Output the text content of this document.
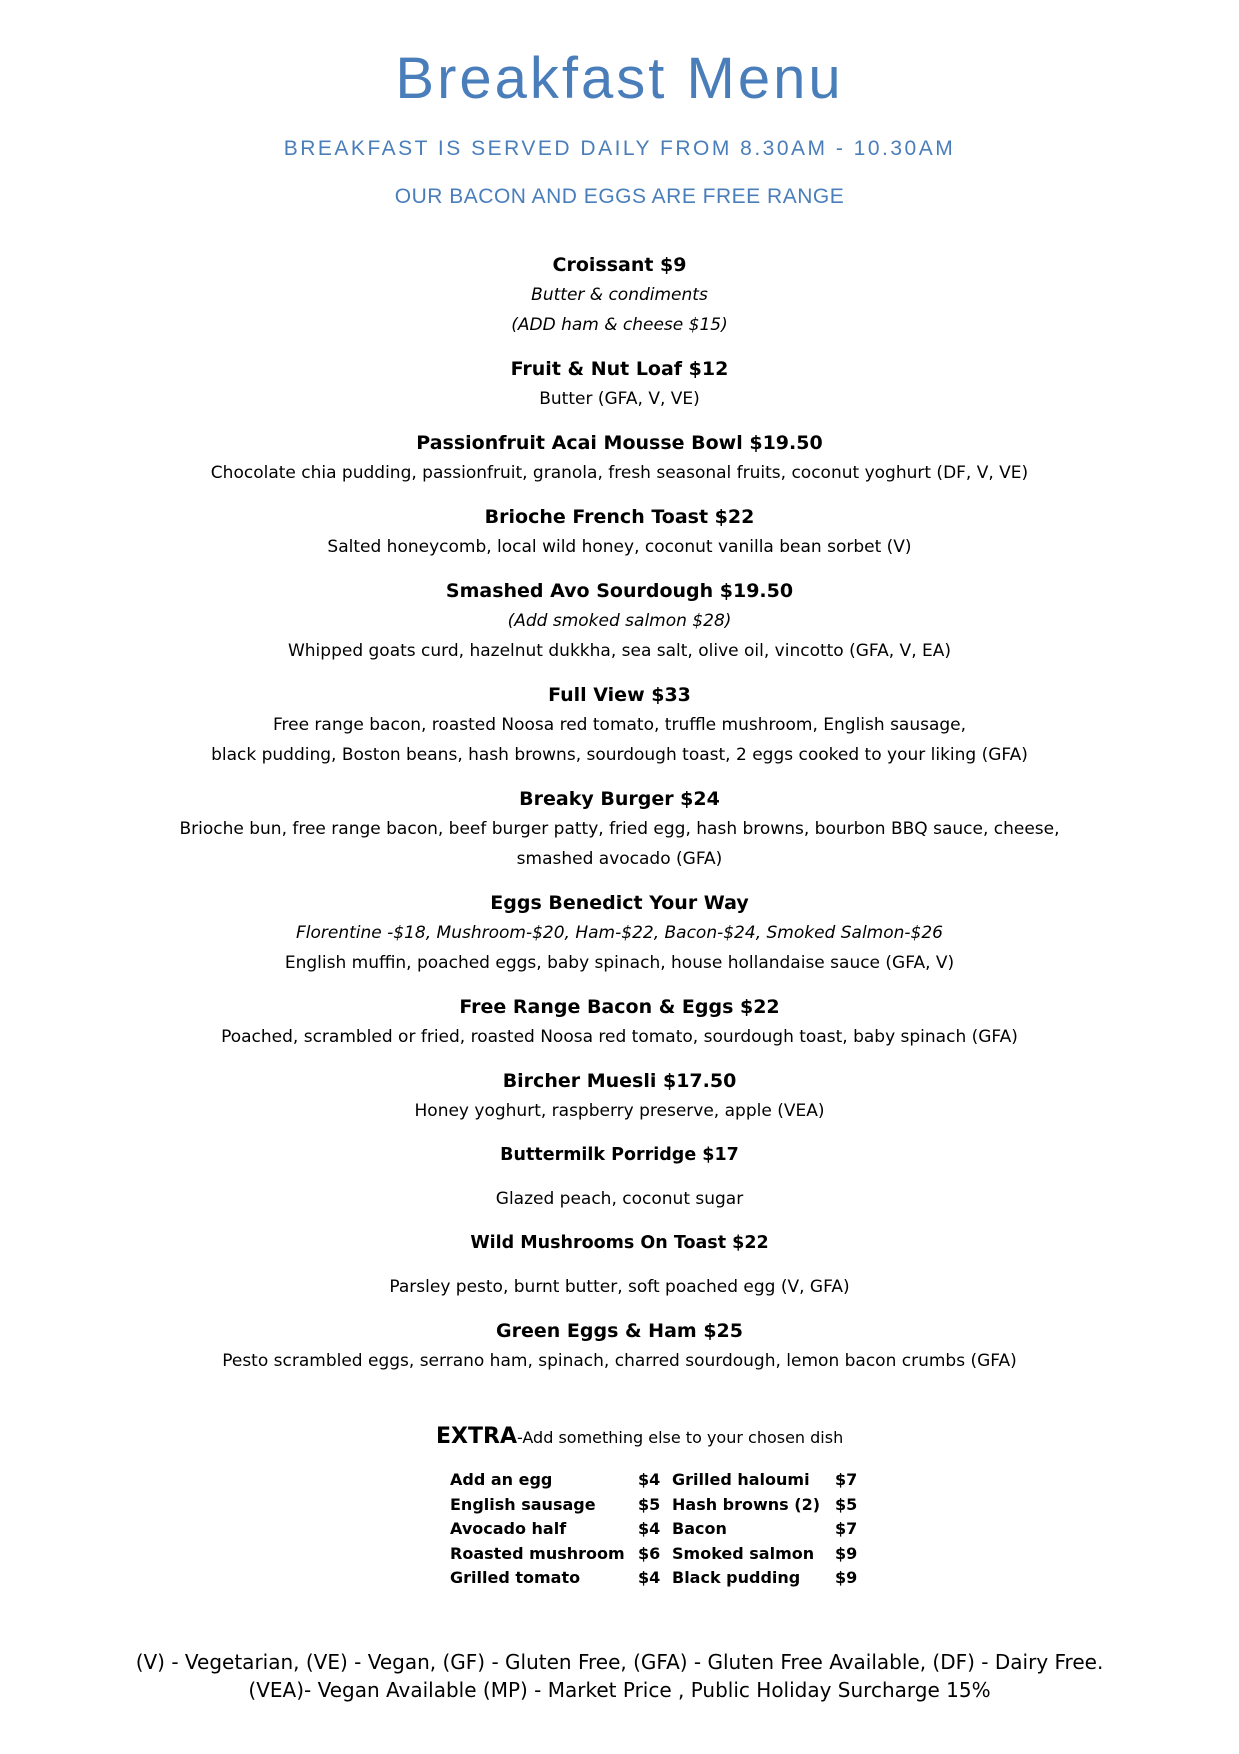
Breakfast Menu
BREAKFAST IS SERVED DAILY FROM 8.30AM - 10.30AM
OUR BACON AND EGGS ARE FREE RANGE
Croissant $9
Butter & condiments
(ADD ham & cheese $15)
Fruit & Nut Loaf $12
Butter (GFA, V, VE)
Passionfruit Acai Mousse Bowl $19.50
Chocolate chia pudding, passionfruit, granola, fresh seasonal fruits, coconut yoghurt (DF, V, VE)
Brioche French Toast $22
Salted honeycomb, local wild honey, coconut vanilla bean sorbet (V)
Smashed Avo Sourdough $19.50
(Add smoked salmon $28)
Whipped goats curd, hazelnut dukkha, sea salt, olive oil, vincotto (GFA, V, EA)
Full View $33
Free range bacon, roasted Noosa red tomato, truffle mushroom, English sausage,
black pudding, Boston beans, hash browns, sourdough toast, 2 eggs cooked to your liking (GFA)
Breaky Burger $24
Brioche bun, free range bacon, beef burger patty, fried egg, hash browns, bourbon BBQ sauce, cheese,
smashed avocado (GFA)
Eggs Benedict Your Way
Florentine -$18, Mushroom-$20, Ham-$22, Bacon-$24, Smoked Salmon-$26
English muffin, poached eggs, baby spinach, house hollandaise sauce (GFA, V)
Free Range Bacon & Eggs $22
Poached, scrambled or fried, roasted Noosa red tomato, sourdough toast, baby spinach (GFA)
Bircher Muesli $17.50
Honey yoghurt, raspberry preserve, apple (VEA)
Buttermilk Porridge $17
Glazed peach, coconut sugar
Wild Mushrooms On Toast $22
Parsley pesto, burnt butter, soft poached egg (V, GFA)
Green Eggs & Ham $25
Pesto scrambled eggs, serrano ham, spinach, charred sourdough, lemon bacon crumbs (GFA)
EXTRA-Add something else to your chosen dish
Add an egg	$4 Grilled haloumi $7
English sausage	$5 Hash browns (2) $5
Avocado half	$4 Bacon	$7
Roasted mushroom $6 Smoked salmon $9
Grilled tomato	$4 Black pudding $9
(V) - Vegetarian, (VE) - Vegan, (GF) - Gluten Free, (GFA) - Gluten Free Available, (DF) - Dairy Free.
(VEA)- Vegan Available (MP) - Market Price , Public Holiday Surcharge 15%
